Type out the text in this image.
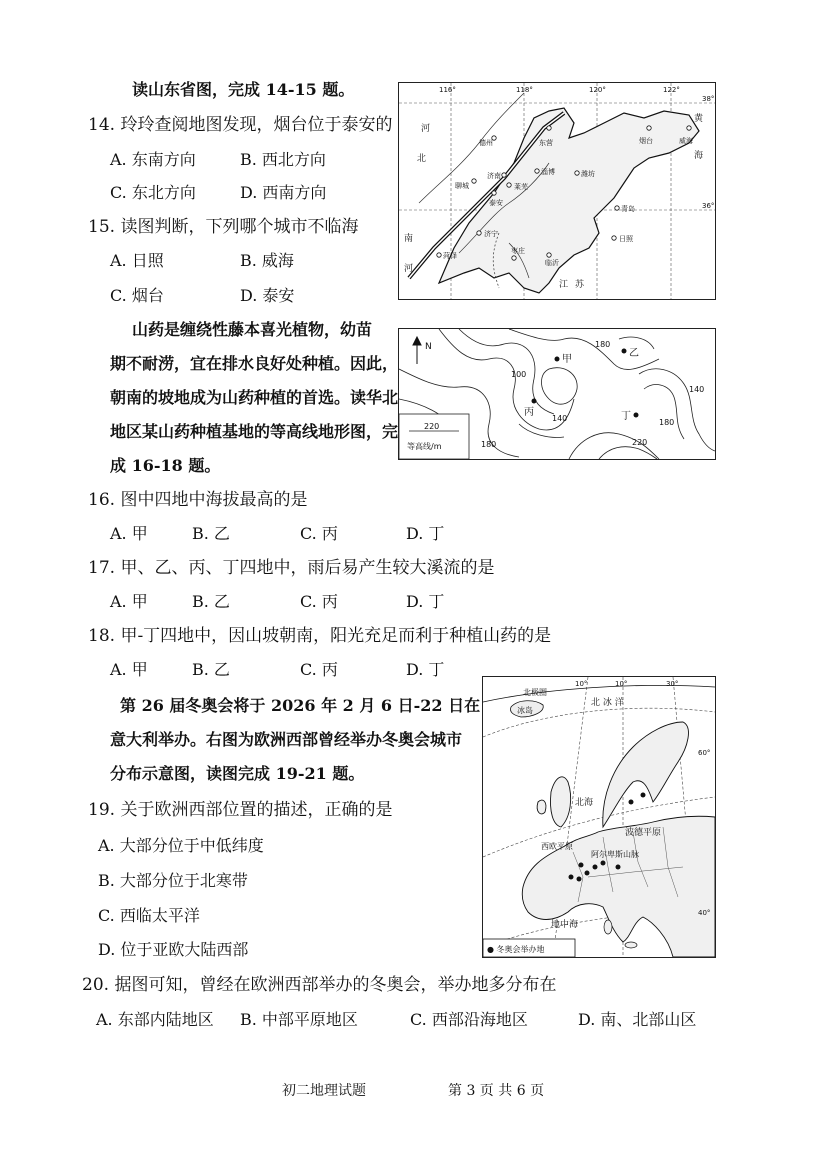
读山东省图，完成 14-15 题。
14. 玲玲查阅地图发现，烟台位于泰安的
A. 东南方向	B. 西北方向
C. 东北方向	D. 西南方向
15. 读图判断，下列哪个城市不临海
A. 日照	B. 威海
C. 烟台	D. 泰安
116°	118°	120°	122°
38°
36°
河
北
德州	东营	烟台	威海
黄
海
聊城
济南	淄博	潍坊
莱芜
泰安
青岛
济宁
日照
菏泽
枣庄
临沂
江 苏
南
河
山药是缠绕性藤本喜光植物，幼苗
期不耐涝，宜在排水良好处种植。因此，
朝南的坡地成为山药种植的首选。读华北
地区某山药种植基地的等高线地形图，完
成 16-18 题。
N
甲
乙
丙	丁
180
100
140
140
180
220
180
220
等高线/m
16. 图中四地中海拔最高的是
A. 甲	B. 乙	C. 丙	D. 丁
17. 甲、乙、丙、丁四地中，雨后易产生较大溪流的是
A. 甲	B. 乙	C. 丙	D. 丁
18. 甲-丁四地中，因山坡朝南，阳光充足而利于种植山药的是
A. 甲	B. 乙	C. 丙	D. 丁
第 26 届冬奥会将于 2026 年 2 月 6 日-22 日在
意大利举办。右图为欧洲西部曾经举办冬奥会城市
分布示意图，读图完成 19-21 题。
10°	10°	30°
60°
40°
北极圈
北 冰 洋
冰岛
北海
波德平原
西欧平原
阿尔卑斯山脉
地中海
● 冬奥会举办地
19. 关于欧洲西部位置的描述，正确的是
A. 大部分位于中低纬度
B. 大部分位于北寒带
C. 西临太平洋
D. 位于亚欧大陆西部
20. 据图可知，曾经在欧洲西部举办的冬奥会，举办地多分布在
A. 东部内陆地区 B. 中部平原地区	C. 西部沿海地区	D. 南、北部山区
初二地理试题	第 3 页 共 6 页
